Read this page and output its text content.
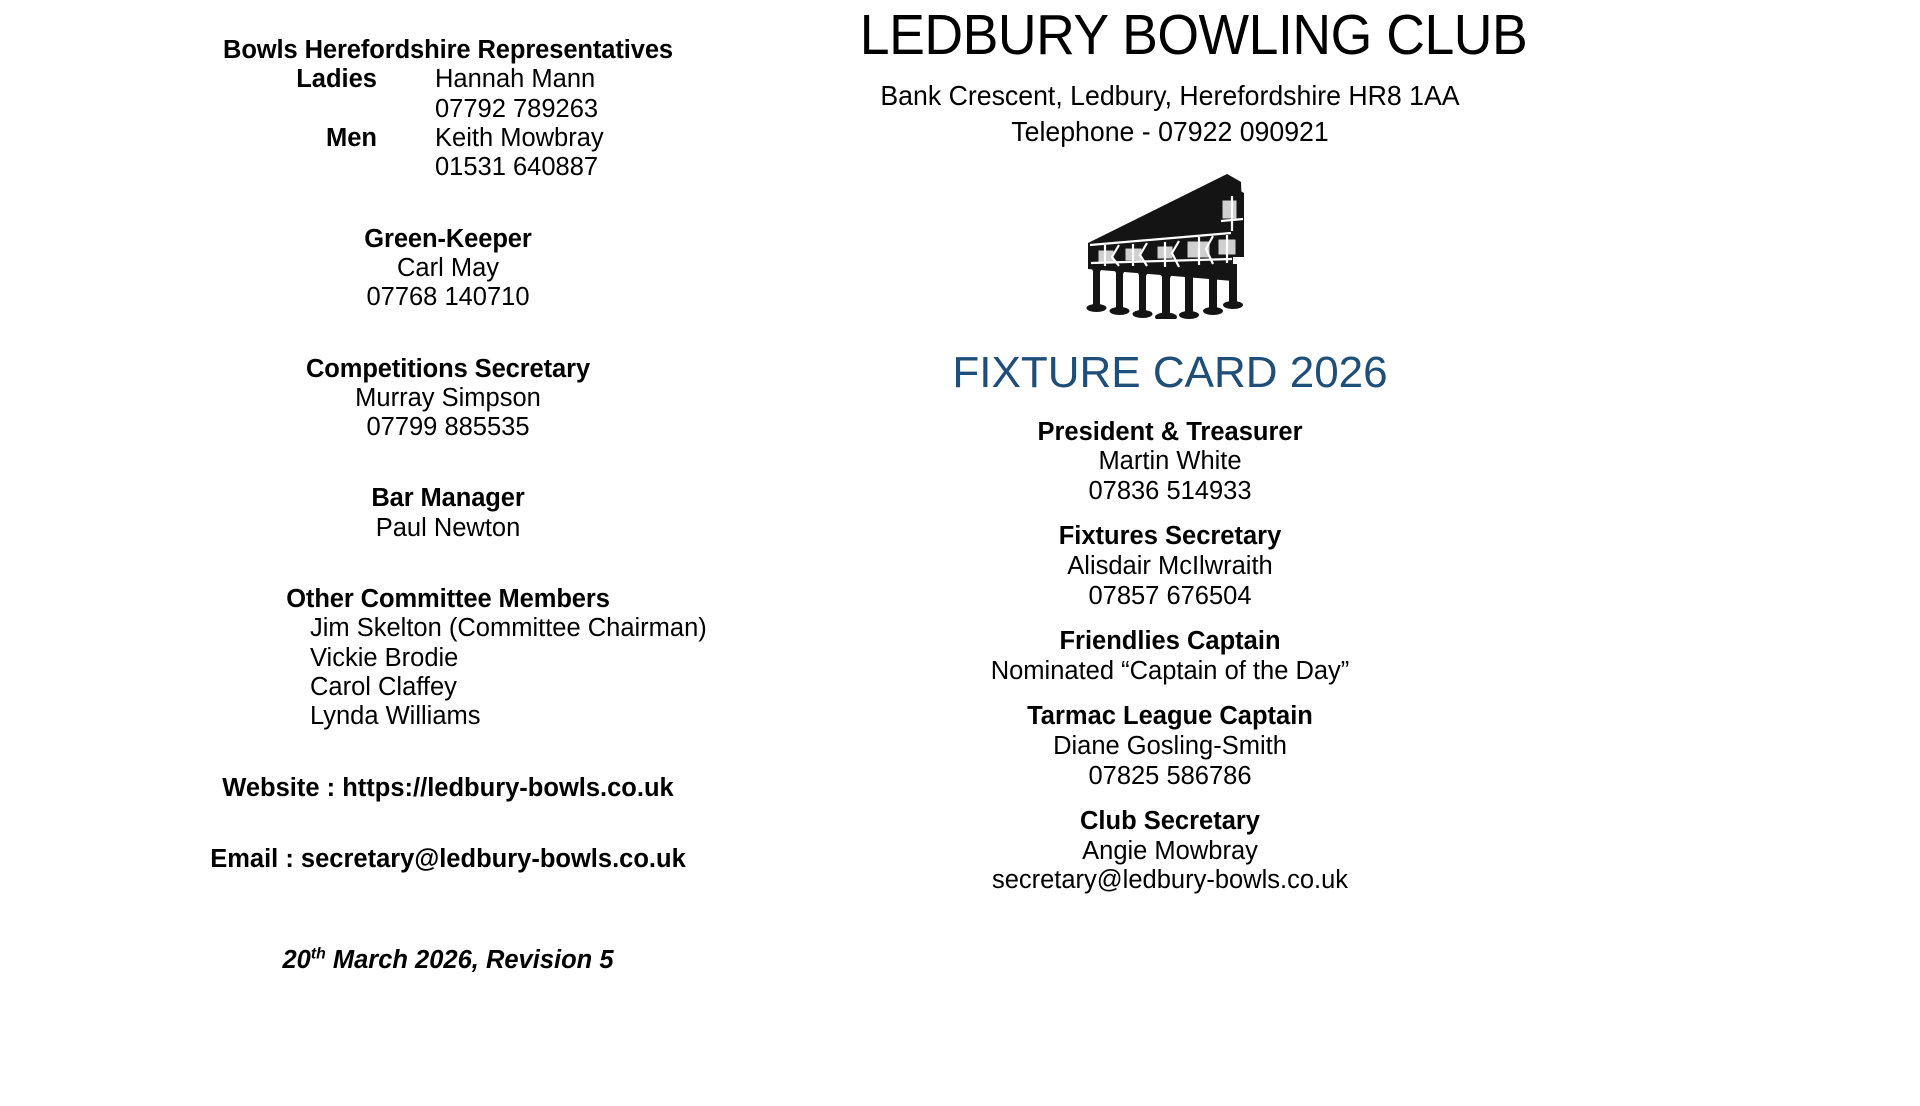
Bowls Herefordshire Representatives
Ladies	Hannah Mann
07792 789263
Men	Keith Mowbray
01531 640887
Green-Keeper
Carl May
07768 140710
Competitions Secretary
Murray Simpson
07799 885535
Bar Manager
Paul Newton
Other Committee Members
Jim Skelton (Committee Chairman)
Vickie Brodie
Carol Claffey
Lynda Williams
Website : https://ledbury-bowls.co.uk
Email : secretary@ledbury-bowls.co.uk
20th March 2026, Revision 5
LEDBURY BOWLING CLUB
Bank Crescent, Ledbury, Herefordshire HR8 1AA
Telephone - 07922 090921
FIXTURE CARD 2026
President & Treasurer
Martin White
07836 514933
Fixtures Secretary
Alisdair McIlwraith
07857 676504
Friendlies Captain
Nominated “Captain of the Day”
Tarmac League Captain
Diane Gosling-Smith
07825 586786
Club Secretary
Angie Mowbray
secretary@ledbury-bowls.co.uk
